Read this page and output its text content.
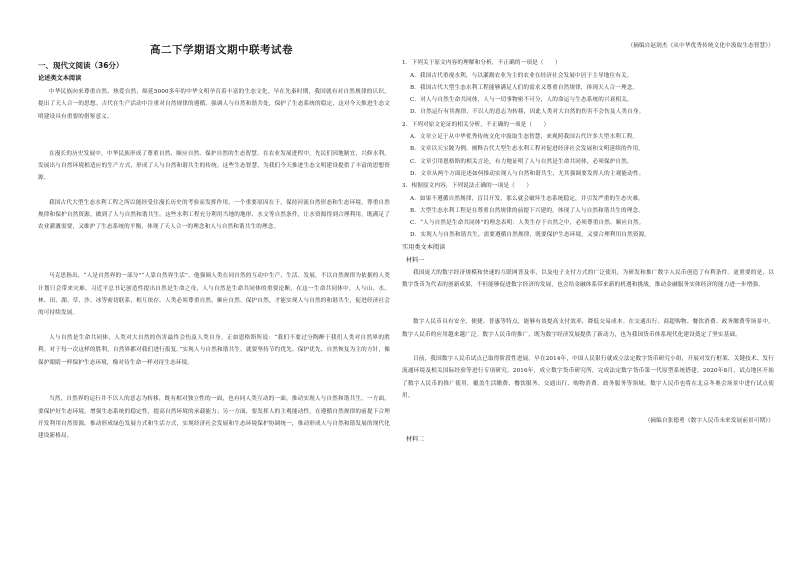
高二下学期语文期中联考试卷
一、现代文阅读（36分）
论述类文本阅读

中华民族向来尊重自然、热爱自然，绵延5000多年的中华文明孕育着丰富的生态文化。早在先秦时期，我国就有对自然规律的认识，提出了天人合一的思想。古代在生产活动中注重对自然规律的遵循，强调人与自然和谐共处，保护了生态系统的稳定，这对今天推进生态文明建设具有重要的借鉴意义。

在漫长的历史发展中，中华民族形成了尊重自然、顺应自然、保护自然的生态智慧。在农业发展进程中，先民们因地制宜，兴修水利，发展出与自然环境相适应的生产方式，形成了人与自然和谐共生的传统。这些生态智慧，为我们今天推进生态文明建设提供了丰富的思想资源。

我国古代大型生态水利工程之所以能经受住漫长历史的考验而发挥作用，一个重要原因在于，保持河流自然形态和生态环境，尊重自然规律和保护自然资源，做到了人与自然和谐共生。这些水利工程充分利用当地的地形、水文等自然条件，让水资源得到合理利用，既满足了农业灌溉需要，又维护了生态系统的平衡，体现了天人合一的理念和人与自然和谐共生的理念。

马克思指出，“人是自然界的一部分”“人靠自然界生活”。他强调人类在同自然的互动中生产、生活、发展，不以自然规律为依据的人类计划只会带来灾难。习近平总书记创造性提出自然是生命之母，人与自然是生命共同体的重要论断，在这一生命共同体中，人与山、水、林、田、湖、草、沙、冰等密切联系，相互依存。人类必须尊重自然、顺应自然、保护自然，才能实现人与自然的和谐共生，促进经济社会的可持续发展。

人与自然是生命共同体，人类对大自然的伤害最终会伤及人类自身。正如恩格斯所说：“我们不要过分陶醉于我们人类对自然界的胜利。对于每一次这样的胜利，自然界都对我们进行报复。”实现人与自然和谐共生，就要坚持节约优先、保护优先、自然恢复为主的方针，像保护眼睛一样保护生态环境，像对待生命一样对待生态环境。

当然，自然界的运行并不以人的意志为转移，既有相对独立性的一面，也有同人类互动的一面。推动实现人与自然和谐共生，一方面，要保护好生态环境，增强生态系统的稳定性，提高自然环境的承载能力；另一方面，要发挥人的主观能动性，在遵循自然规律的前提下合理开发利用自然资源，推动形成绿色发展方式和生活方式，实现经济社会发展和生态环境保护协调统一，推动形成人与自然和谐发展的现代化建设新格局。

（摘编自赵润杰《从中华优秀传统文化中汲取生态智慧》）

1．下列关于原文内容的理解和分析，不正确的一项是（　　）

A．我国古代重视水利，与以灌溉农业为主的农业在经济社会发展中居于主导地位有关。

B．我国古代大型生态水利工程能够满足人们的需求又尊重自然规律，体现天人合一理念。

C．对人与自然生命共同体，人与一切事物密不可分，人的命运与生态系统的兴衰相关。

D．自然运行有其规律，不以人的意志为转移，因此人类对大自然的伤害不会伤及人类自身。

2．下列对原文论证的相关分析，不正确的一项是（　　）

A．文章立足于从中华优秀传统文化中汲取生态智慧，来观照我国古代许多大型水利工程。

B．文章以天宝陂为例，阐释古代大型生态水利工程对促进经济社会发展和文明延续的作用。

C．文章引用恩格斯的相关言论，有力地证明了人与自然是生命共同体，必须保护自然。

D．文章从两个方面论述如何推动实现人与自然和谐共生，尤其强调要发挥人的主观能动性。

3．根据原文内容，下列说法正确的一项是（　　）

A．如果不遵循自然规律，盲目开发，那么就会破坏生态系统稳定，并引发严重的生态灾难。

B．大型生态水利工程是在尊重自然规律的前提下兴建的，体现了人与自然和谐共生的理念。

C．“人与自然是生命共同体”的理念表明：人类生存于自然之中，必须尊重自然、顺应自然。

D．实现人与自然和谐共生，需要遵循自然规律，既要保护生态环境，又要合理利用自然资源。

实用类文本阅读

材料一

我国庞大的数字经济规模和快速的互联网普及率，以及电子支付方式的广泛使用，为研发和推广数字人民币创造了有利条件。更重要的是，以数字货币为代表的创新成果，不但能够促进数字经济的发展，也会给金融体系带来新的机遇和挑战，推动金融服务实体经济的能力进一步增强。

数字人民币具有安全、便捷、普惠等特点，能够有效提高支付效率，降低交易成本。在交通出行、商超购物、餐饮消费、政务缴费等场景中，数字人民币的应用越来越广泛。数字人民币的推广，既为数字经济发展提供了新动力，也为我国货币体系现代化建设奠定了坚实基础。

目前，我国数字人民币试点已取得阶段性进展。早在2014年，中国人民银行就成立法定数字货币研究小组，开展对发行框架、关键技术、发行流通环境及相关国际经验等进行专项研究。2016年，成立数字货币研究所，完成法定数字货币第一代原型系统搭建。2020年8月，试点地区开始了数字人民币的推广使用，覆盖生活缴费、餐饮服务、交通出行、购物消费、政务服务等领域。数字人民币也将在北京冬奥会场景中进行试点使用。

（摘编自张德勇《数字人民币未来发展前景可期》）

材料二
